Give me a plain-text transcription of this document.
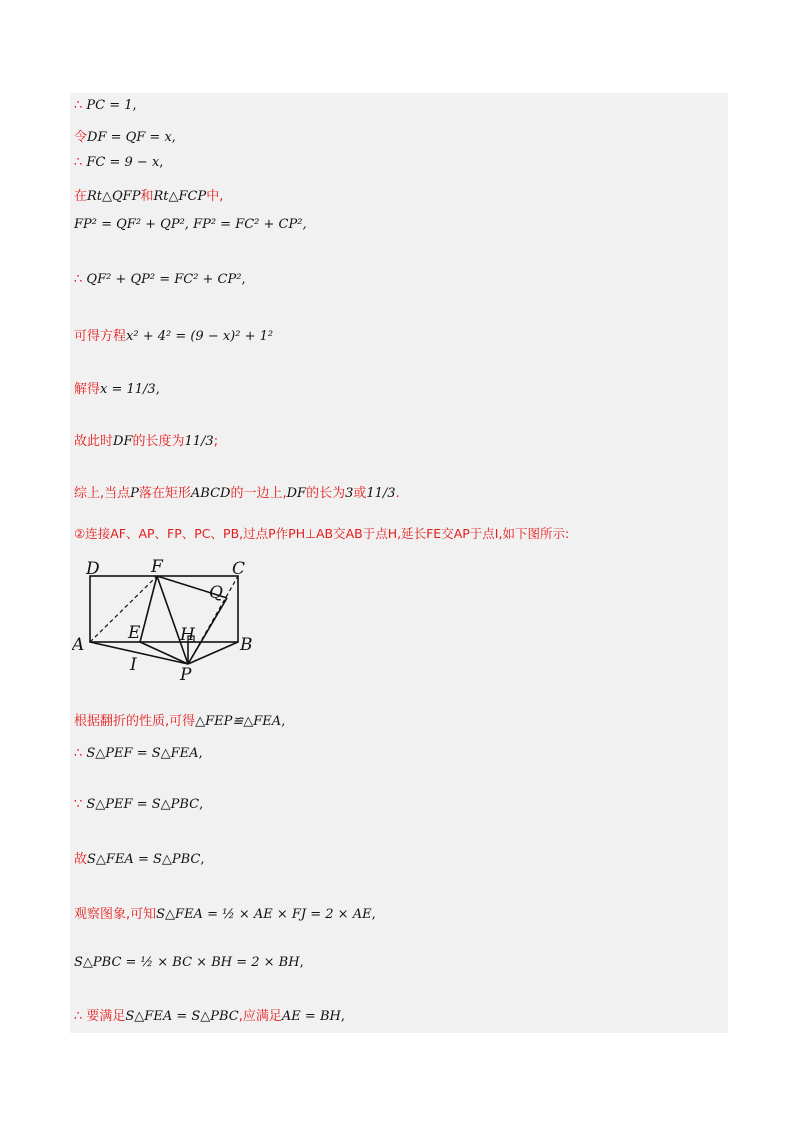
∴ PC = 1,
令DF = QF = x,
∴ FC = 9 − x,
在Rt△QFP和Rt△FCP中,
FP² = QF² + QP², FP² = FC² + CP²,
∴ QF² + QP² = FC² + CP²,
可得方程x² + 4² = (9 − x)² + 1²
解得x = 11/3,
故此时DF的长度为11/3;
综上,当点P落在矩形ABCD的一边上,DF的长为3或11/3.
②连接AF、AP、FP、PC、PB,过点P作PH⊥AB交AB于点H,延长FE交AP于点I,如下图所示:
D	F	C
Q
A
E H	B
I	P
根据翻折的性质,可得△FEP≌△FEA,
∴ S△PEF = S△FEA,
∵ S△PEF = S△PBC,
故S△FEA = S△PBC,
观察图象,可知S△FEA = ½ × AE × FJ = 2 × AE,
S△PBC = ½ × BC × BH = 2 × BH,
∴ 要满足S△FEA = S△PBC,应满足AE = BH,
